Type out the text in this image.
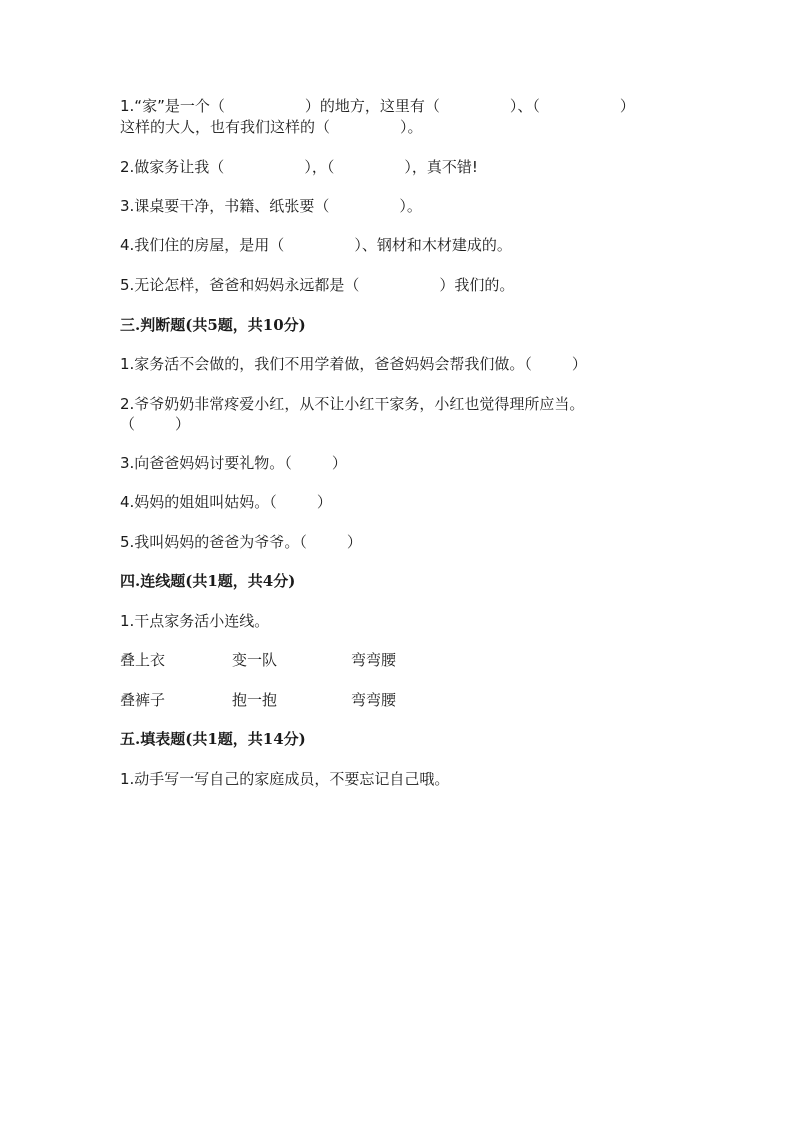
1.“家”是一个（	）的地方，这里有（	）、（	）
这样的大人，也有我们这样的（	）。
2.做家务让我（	），（	），真不错!
3.课桌要干净，书籍、纸张要（	）。
4.我们住的房屋，是用（	）、钢材和木材建成的。
5.无论怎样，爸爸和妈妈永远都是（	）我们的。
三.判断题(共5题，共10分)
1.家务活不会做的，我们不用学着做，爸爸妈妈会帮我们做。（	）
2.爷爷奶奶非常疼爱小红，从不让小红干家务，小红也觉得理所应当。
（	）
3.向爸爸妈妈讨要礼物。（	）
4.妈妈的姐姐叫姑妈。（	）
5.我叫妈妈的爸爸为爷爷。（	）
四.连线题(共1题，共4分)
1.干点家务活小连线。
叠上衣	变一队	弯弯腰
叠裤子	抱一抱	弯弯腰
五.填表题(共1题，共14分)
1.动手写一写自己的家庭成员，不要忘记自己哦。
